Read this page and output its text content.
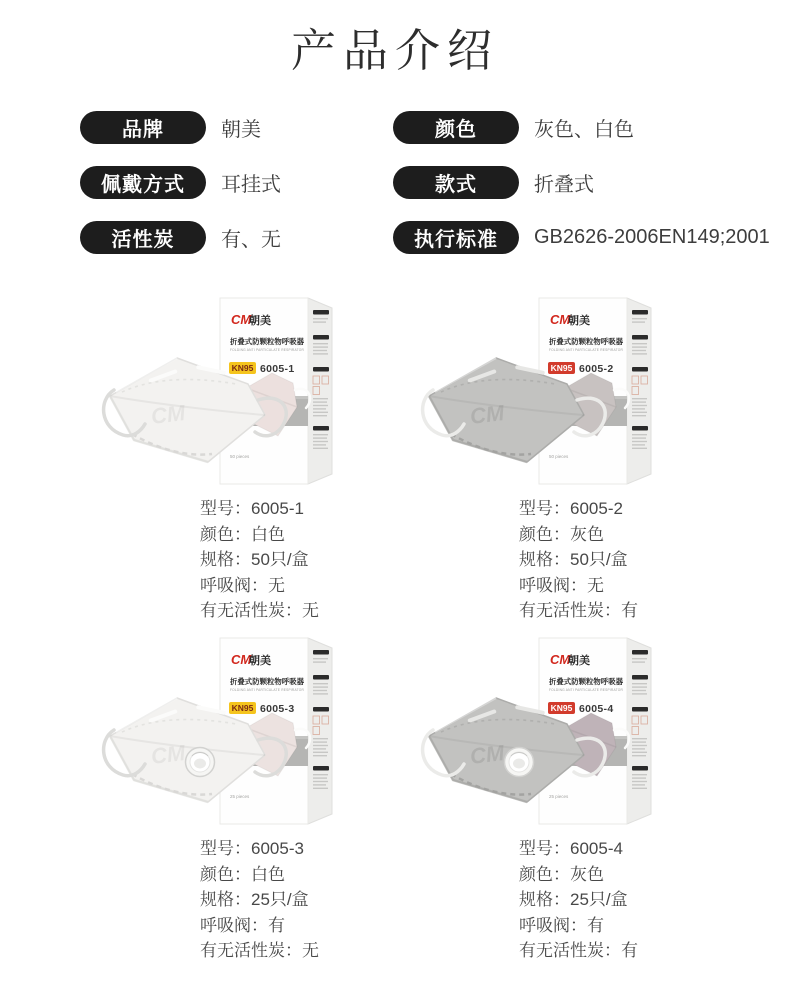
产品介绍
品牌	朝美	颜色	灰色、白色
佩戴方式	耳挂式	款式	折叠式
活性炭	有、无	执行标准	GB2626-2006EN149;2001
CM
朝美
折叠式防颗粒物呼吸器
FOLDING ANTI PARTICULATE RESPIRATOR
KN95 6005-1
50 pieces
型号：6005-1
颜色：白色
规格：50只/盒
呼吸阀：无
有无活性炭：无
CM
朝美
折叠式防颗粒物呼吸器
FOLDING ANTI PARTICULATE RESPIRATOR
KN95 6005-2
50 pieces
型号：6005-2
颜色：灰色
规格：50只/盒
呼吸阀：无
有无活性炭：有
CM
朝美
折叠式防颗粒物呼吸器
FOLDING ANTI PARTICULATE RESPIRATOR
KN95 6005-3
25 pieces
型号：6005-3
颜色：白色
规格：25只/盒
呼吸阀：有
有无活性炭：无
CM
朝美
折叠式防颗粒物呼吸器
FOLDING ANTI PARTICULATE RESPIRATOR
KN95 6005-4
25 pieces
型号：6005-4
颜色：灰色
规格：25只/盒
呼吸阀：有
有无活性炭：有
